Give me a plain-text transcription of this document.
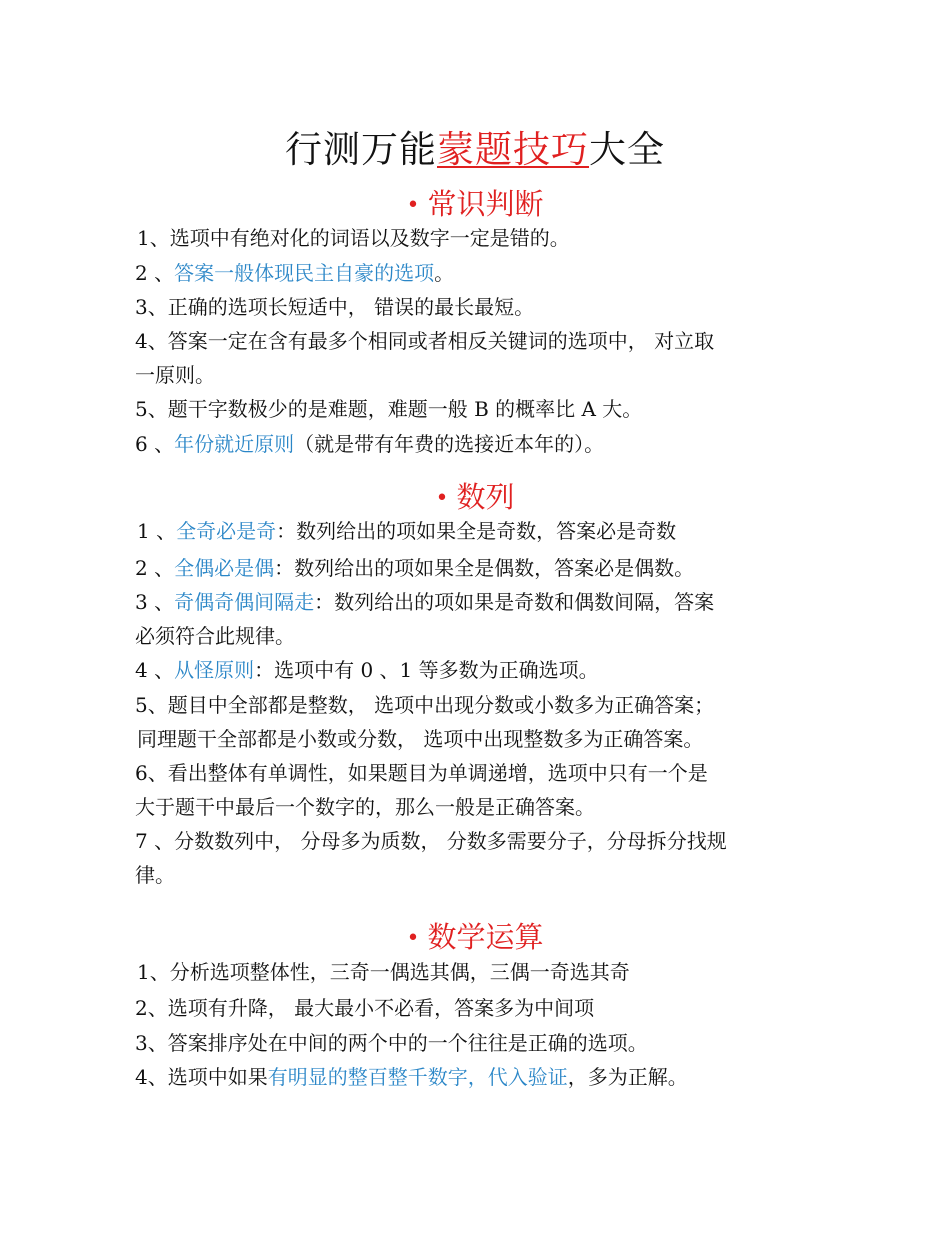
行测万能蒙题技巧大全
• 常识判断
1、选项中有绝对化的词语以及数字一定是错的。
2 、答案一般体现民主自豪的选项。
3、正确的选项长短适中， 错误的最长最短。
4、答案一定在含有最多个相同或者相反关键词的选项中， 对立取
一原则。
5、题干字数极少的是难题，难题一般 B 的概率比 A 大。
6 、年份就近原则（就是带有年费的选接近本年的）。
• 数列
1 、全奇必是奇：数列给出的项如果全是奇数，答案必是奇数
2 、全偶必是偶：数列给出的项如果全是偶数，答案必是偶数。
3 、奇偶奇偶间隔走：数列给出的项如果是奇数和偶数间隔，答案
必须符合此规律。
4 、从怪原则：选项中有 0 、1 等多数为正确选项。
5、题目中全部都是整数， 选项中出现分数或小数多为正确答案；
同理题干全部都是小数或分数， 选项中出现整数多为正确答案。
6、看出整体有单调性，如果题目为单调递增，选项中只有一个是
大于题干中最后一个数字的，那么一般是正确答案。
7 、分数数列中， 分母多为质数， 分数多需要分子，分母拆分找规
律。
• 数学运算
1、分析选项整体性，三奇一偶选其偶，三偶一奇选其奇
2、选项有升降， 最大最小不必看，答案多为中间项
3、答案排序处在中间的两个中的一个往往是正确的选项。
4、选项中如果有明显的整百整千数字，代入验证，多为正解。
